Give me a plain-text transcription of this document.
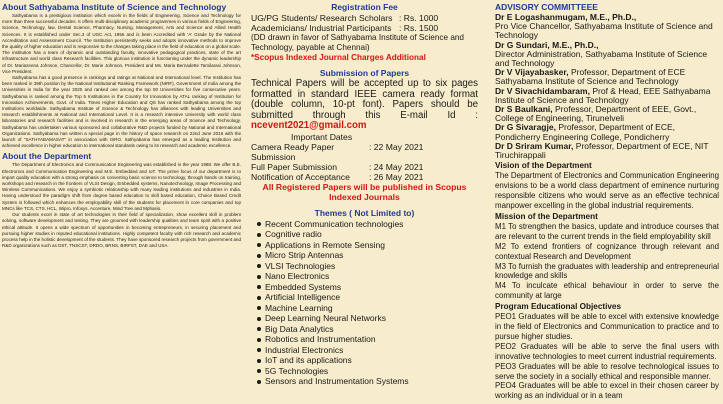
About Sathyabama Institute of Science and Technology

Sathyabama is a prestigious institution which excels in the fields of Engineering, Science and Technology for more than three successful decades. It offers multi-disciplinary academic programmes in various fields of Engineering, Science, Technology, law, Dental Science, Pharmacy, Nursing, Management, Arts and Science and Allied Health Sciences. It is established under Sec.3 of UGC Act, 1956 and is been Accredited with 'A' Grade by the National Accreditation and Assessment Council. The Institution persistently seeks and adopts innovative methods to improve the quality of higher education and is responsive to the changes taking place in the field of education on a global scale. The institution has a team of dynamic and outstanding faculty, innovative pedagogical practices, state of the art infrastructure and world class Research facilities. This glorious institution is functioning under the dynamic leadership of Dr. Mariazeena Johnson, Chancellor, Dr. Marie Johnson, President and Ms. Maria Bernadette Tamilarasi Johnson, Vice President.

Sathyabama has a good presence in rankings and ratings at National and International level. The Institution has been ranked in 39th position by the National Institutional Ranking Framework (NIRF), Government of India among the Universities in India for the year 2020 and ranked one among the top 50 Universities for five consecutive years. Sathyabama is ranked among the Top 5 Institutions in the Country for Innovation by ATAL ranking of Institution for Innovation Achievements, Govt. of India. Times Higher Education and QS has ranked Sathyabama among the top Institutions worldwide. Sathyabama Institute of Science & Technology has alliances with leading Universities and research establishments at National and International Level. It is a research intensive University with world class laboratories and research facilities and is involved in research in the emerging areas of Science and Technology. Sathyabama has undertaken various sponsored and collaborative R&D projects funded by National and International Organizations. Sathyabama has written a special page in the history of space research on 22nd June 2016 with the launch of "SATHYABAMASAT" in association with ISRO. Sathyabama has emerged as a leading Institution and achieved excellence in higher education to international standards owing to its research and academic excellence.

About the Department

The Department of Electronics and Communication Engineering was established in the year 1988. We offer B.E. Electronics and Communication Engineering and M.E. Embedded and IoT. The prime focus of our department is to impart quality education with a strong emphasis on converting basic science to technology, through hands on training, workshops and research in the frontiers of VLSI Design, Embedded systems, Nanotechnology, Image Processing and Wireless Communications. We enjoy a symbiotic relationship with many leading institutions and industries in India. Having understood the paradigm shift from degree based education to skill based education, Choice Based Credit System is followed which enhances the employability skill of the students for placement in core companies and top MNCs like TCS, CTS, HCL, Wipro, Infosys, Accenture, Mind Tree and Mphasis.

Our students excel in state of art technologies in their field of specialization, show excellent skill in problem solving, software development and testing. They are groomed with leadership qualities and team spirit with a positive ethical attitude. It opens a wide spectrum of opportunities in becoming entrepreneurs, in securing placement and pursuing higher studies in reputed educational institutions. Highly competent faculty with rich research and academic process help in the holistic development of the students. They have sponsored research projects from government and R&D organizations such as DST, TNSCST, DRDO, BRNS, BIRFST, DAE and USA.

Registration Fee
UG/PG Students/ Research Scholars : Rs. 1000
Academicians/ Industrial Participants : Rs. 1500
(DD drawn in favor of Sathyabama Institute of Science and Technology, payable at Chennai)
*Scopus Indexed Journal Charges Additional
Submission of Papers

Technical Papers will be accepted up to six pages formatted in standard IEEE camera ready format (double column, 10-pt font). Papers should be submitted through this E-mail Id : ncevent2021@gmail.com

Important Dates
Camera Ready Paper Submission
: 22 May 2021
Full Paper Submission	: 24 May 2021
Notification of Acceptance	: 26 May 2021
All Registered Papers will be published in Scopus Indexed Journals
Themes ( Not Limited to)
Recent Communication technologies
Cognitive radio
Applications in Remote Sensing
Micro Strip Antennas
VLSI Technologies
Nano Electronics
Embedded Systems
Artificial Intelligence
Machine Learning
Deep Learning Neural Networks
Big Data Analytics
Robotics and Instrumentation
Industrial Electronics
IoT and its applications
5G Technologies
Sensors and Instrumentation Systems
ADVISORY COMMITTEEE

Dr E Logashanmugam, M.E., Ph.D.,
Pro Vice Chancellor, Sathyabama Institute of Science and Technology

Dr G Sundari, M.E., Ph.D.,
Director Administration, Sathyabama Institute of Science and Technology

Dr V Vijayabasker, Professor, Department of ECE Sathyabama Institute of Science and Technology

Dr V Sivachidambaram, Prof & Head, EEE Sathyabama Institute of Science and Technology

Dr S Baulkani, Professor, Department of EEE, Govt., College of Engineering, Tirunelveli

Dr G Sivaragje, Professor, Department of ECE, Pondicherry Engineering College, Pondicherry

Dr D Sriram Kumar, Professor, Department of ECE, NIT Tiruchirappali

Vision of the Department

The Department of Electronics and Communication Engineering envisions to be a world class department of eminence nurturing responsible citizens who would serve as an effective technical manpower excelling in the global industrial requirements.

Mission of the Department

M1 To strengthen the basics, update and introduce courses that are relevant to the current trends in the field employability skill

M2 To extend frontiers of cognizance through relevant and contextual Research and Development

M3 To furnish the graduates with leadership and entrepreneurial knowledge and skills

M4 To inculcate ethical behaviour in order to serve the community at large

Program Educational Objectives

PEO1 Graduates will be able to excel with extensive knowledge in the field of Electronics and Communication to practice and to pursue higher studies.

PEO2 Graduates will be able to serve the final users with innovative technologies to meet current industrial requirements.

PEO3 Graduates will be able to resolve technological issues to serve the society in a socially ethical and responsible manner.

PEO4 Graduates will be able to excel in their chosen career by working as an individual or in a team
